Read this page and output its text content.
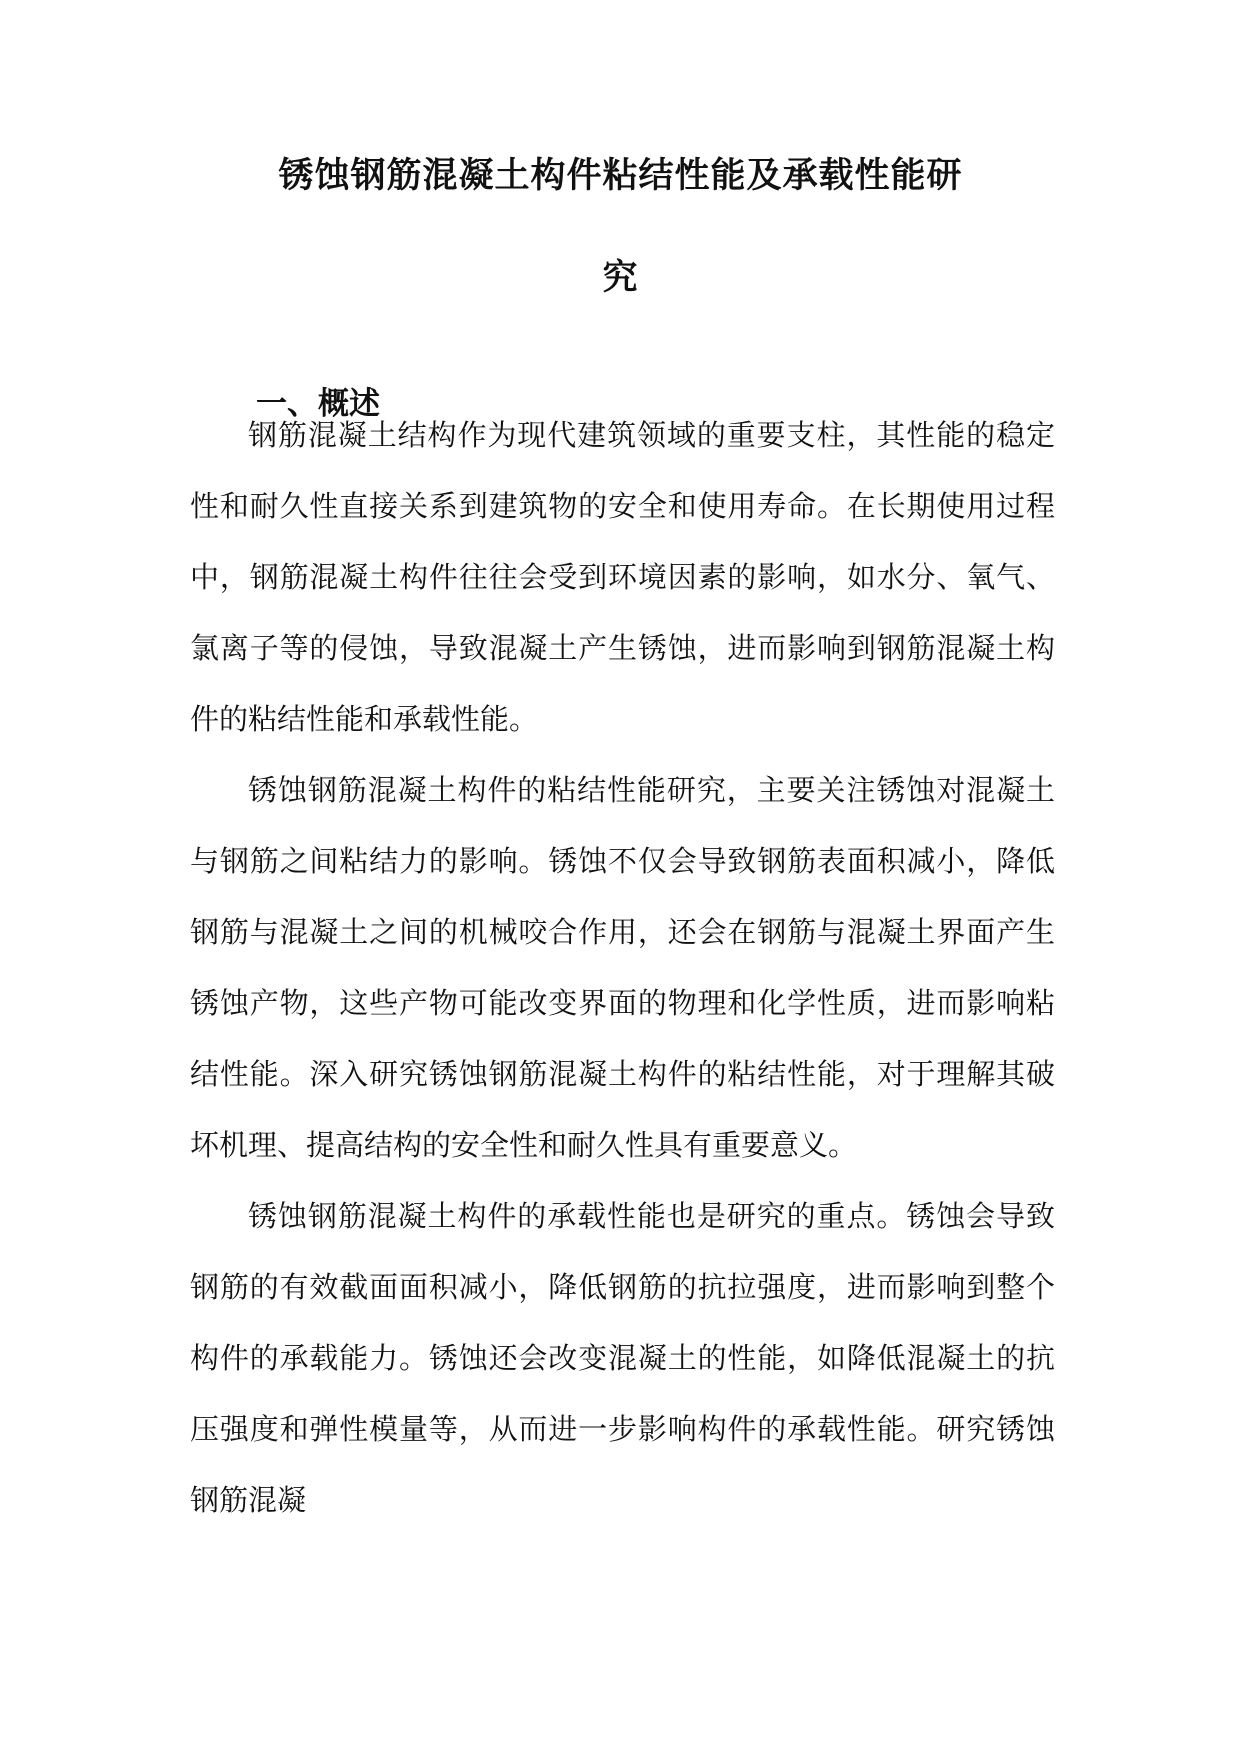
锈蚀钢筋混凝土构件粘结性能及承载性能研
究
一、概述

钢筋混凝土结构作为现代建筑领域的重要支柱，其性能的稳定性和耐久性直接关系到建筑物的安全和使用寿命。在长期使用过程中，钢筋混凝土构件往往会受到环境因素的影响，如水分、氧气、氯离子等的侵蚀，导致混凝土产生锈蚀，进而影响到钢筋混凝土构件的粘结性能和承载性能。

锈蚀钢筋混凝土构件的粘结性能研究，主要关注锈蚀对混凝土与钢筋之间粘结力的影响。锈蚀不仅会导致钢筋表面积减小，降低钢筋与混凝土之间的机械咬合作用，还会在钢筋与混凝土界面产生锈蚀产物，这些产物可能改变界面的物理和化学性质，进而影响粘结性能。深入研究锈蚀钢筋混凝土构件的粘结性能，对于理解其破坏机理、提高结构的安全性和耐久性具有重要意义。

锈蚀钢筋混凝土构件的承载性能也是研究的重点。锈蚀会导致钢筋的有效截面面积减小，降低钢筋的抗拉强度，进而影响到整个构件的承载能力。锈蚀还会改变混凝土的性能，如降低混凝土的抗压强度和弹性模量等，从而进一步影响构件的承载性能。研究锈蚀钢筋混凝
